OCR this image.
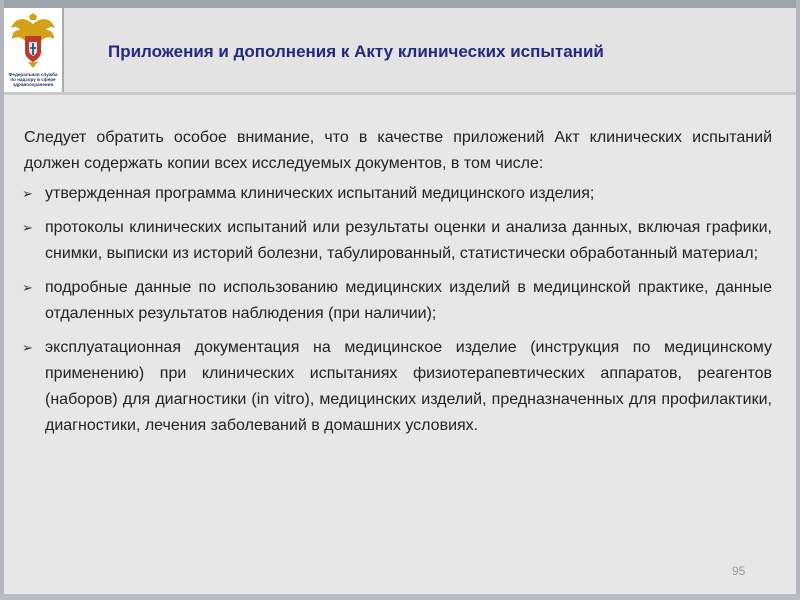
Федеральная служба
по надзору в сфере
здравоохранения
Приложения и дополнения к Акту клинических испытаний

Следует обратить особое внимание, что в качестве приложений Акт клинических испытаний должен содержать копии всех исследуемых документов, в том числе:

➢ утвержденная программа клинических испытаний медицинского изделия;
➢ протоколы клинических испытаний или результаты оценки и анализа данных, включая графики, снимки, выписки из историй болезни, табулированный, статистически обработанный материал;
➢ подробные данные по использованию медицинских изделий в медицинской практике, данные отдаленных результатов наблюдения (при наличии);
➢ эксплуатационная документация на медицинское изделие (инструкция по медицинскому применению) при клинических испытаниях физиотерапевтических аппаратов, реагентов (наборов) для диагностики (in vitro), медицинских изделий, предназначенных для профилактики, диагностики, лечения заболеваний в домашних условиях.
95
